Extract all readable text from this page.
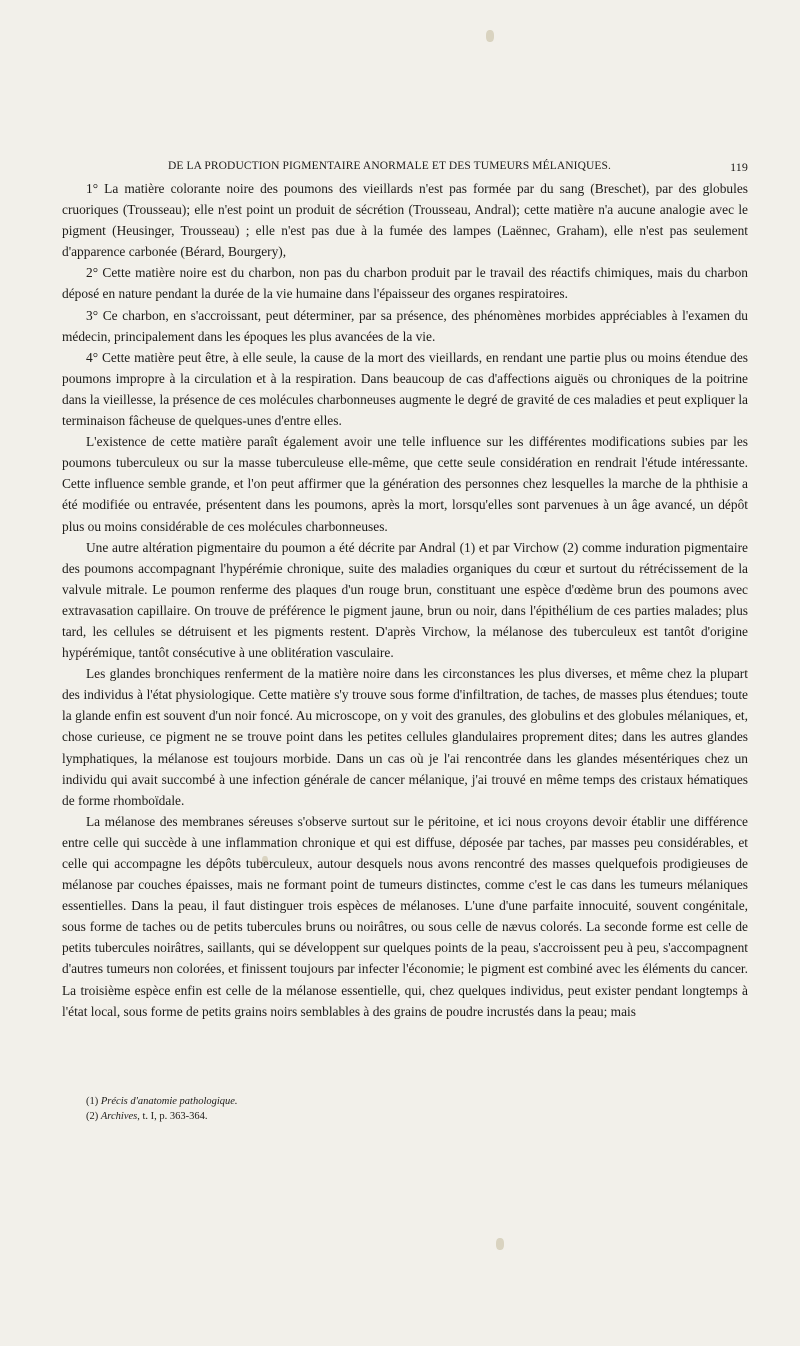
DE LA PRODUCTION PIGMENTAIRE ANORMALE ET DES TUMEURS MÉLANIQUES.	119

1° La matière colorante noire des poumons des vieillards n'est pas formée par du sang (Breschet), par des globules cruoriques (Trousseau); elle n'est point un produit de sécrétion (Trousseau, Andral); cette matière n'a aucune analogie avec le pigment (Heusinger, Trousseau) ; elle n'est pas due à la fumée des lampes (Laënnec, Graham), elle n'est pas seulement d'apparence carbonée (Bérard, Bourgery),

2° Cette matière noire est du charbon, non pas du charbon produit par le travail des réactifs chimiques, mais du charbon déposé en nature pendant la durée de la vie humaine dans l'épaisseur des organes respiratoires.

3° Ce charbon, en s'accroissant, peut déterminer, par sa présence, des phénomènes morbides appréciables à l'examen du médecin, principalement dans les époques les plus avancées de la vie.

4° Cette matière peut être, à elle seule, la cause de la mort des vieillards, en rendant une partie plus ou moins étendue des poumons impropre à la circulation et à la respiration. Dans beaucoup de cas d'affections aiguës ou chroniques de la poitrine dans la vieillesse, la présence de ces molécules charbonneuses augmente le degré de gravité de ces maladies et peut expliquer la terminaison fâcheuse de quelques-unes d'entre elles.

L'existence de cette matière paraît également avoir une telle influence sur les différentes modifications subies par les poumons tuberculeux ou sur la masse tuberculeuse elle-même, que cette seule considération en rendrait l'étude intéressante. Cette influence semble grande, et l'on peut affirmer que la génération des personnes chez lesquelles la marche de la phthisie a été modifiée ou entravée, présentent dans les poumons, après la mort, lorsqu'elles sont parvenues à un âge avancé, un dépôt plus ou moins considérable de ces molécules charbonneuses.

Une autre altération pigmentaire du poumon a été décrite par Andral (1) et par Virchow (2) comme induration pigmentaire des poumons accompagnant l'hypérémie chronique, suite des maladies organiques du cœur et surtout du rétrécissement de la valvule mitrale. Le poumon renferme des plaques d'un rouge brun, constituant une espèce d'œdème brun des poumons avec extravasation capillaire. On trouve de préférence le pigment jaune, brun ou noir, dans l'épithélium de ces parties malades; plus tard, les cellules se détruisent et les pigments restent. D'après Virchow, la mélanose des tuberculeux est tantôt d'origine hypérémique, tantôt consécutive à une oblitération vasculaire.

Les glandes bronchiques renferment de la matière noire dans les circonstances les plus diverses, et même chez la plupart des individus à l'état physiologique. Cette matière s'y trouve sous forme d'infiltration, de taches, de masses plus étendues; toute la glande enfin est souvent d'un noir foncé. Au microscope, on y voit des granules, des globulins et des globules mélaniques, et, chose curieuse, ce pigment ne se trouve point dans les petites cellules glandulaires proprement dites; dans les autres glandes lymphatiques, la mélanose est toujours morbide. Dans un cas où je l'ai rencontrée dans les glandes mésentériques chez un individu qui avait succombé à une infection générale de cancer mélanique, j'ai trouvé en même temps des cristaux hématiques de forme rhomboïdale.

La mélanose des membranes séreuses s'observe surtout sur le péritoine, et ici nous croyons devoir établir une différence entre celle qui succède à une inflammation chronique et qui est diffuse, déposée par taches, par masses peu considérables, et celle qui accompagne les dépôts tuberculeux, autour desquels nous avons rencontré des masses quelquefois prodigieuses de mélanose par couches épaisses, mais ne formant point de tumeurs distinctes, comme c'est le cas dans les tumeurs mélaniques essentielles. Dans la peau, il faut distinguer trois espèces de mélanoses. L'une d'une parfaite innocuité, souvent congénitale, sous forme de taches ou de petits tubercules bruns ou noirâtres, ou sous celle de nævus colorés. La seconde forme est celle de petits tubercules noirâtres, saillants, qui se développent sur quelques points de la peau, s'accroissent peu à peu, s'accompagnent d'autres tumeurs non colorées, et finissent toujours par infecter l'économie; le pigment est combiné avec les éléments du cancer. La troisième espèce enfin est celle de la mélanose essentielle, qui, chez quelques individus, peut exister pendant longtemps à l'état local, sous forme de petits grains noirs semblables à des grains de poudre incrustés dans la peau; mais

(1) Précis d'anatomie pathologique.

(2) Archives, t. I, p. 363-364.
